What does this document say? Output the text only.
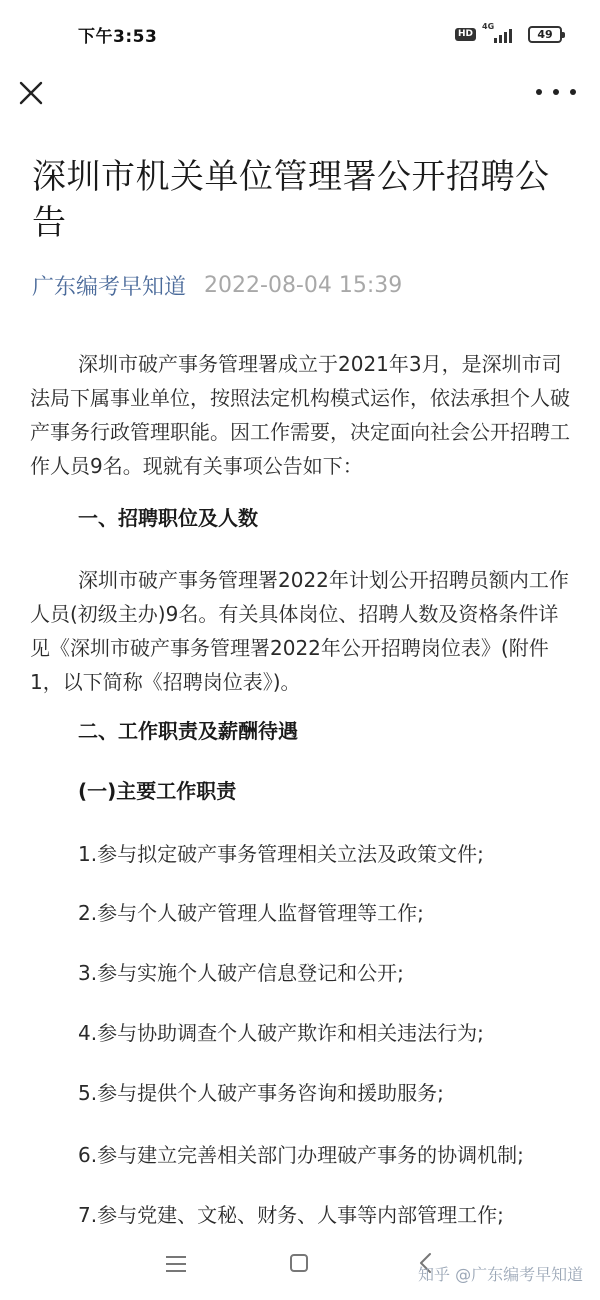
下午3:53	HD
4G
49
深圳市机关单位管理署公开招聘公告
广东编考早知道 2022-08-04 15:39

深圳市破产事务管理署成立于2021年3月，是深圳市司法局下属事业单位，按照法定机构模式运作，依法承担个人破产事务行政管理职能。因工作需要，决定面向社会公开招聘工作人员9名。现就有关事项公告如下：

一、招聘职位及人数

深圳市破产事务管理署2022年计划公开招聘员额内工作人员(初级主办)9名。有关具体岗位、招聘人数及资格条件详见《深圳市破产事务管理署2022年公开招聘岗位表》(附件1，以下简称《招聘岗位表》)。

二、工作职责及薪酬待遇
(一)主要工作职责
1.参与拟定破产事务管理相关立法及政策文件;
2.参与个人破产管理人监督管理等工作;
3.参与实施个人破产信息登记和公开;
4.参与协助调查个人破产欺诈和相关违法行为;
5.参与提供个人破产事务咨询和援助服务;
6.参与建立完善相关部门办理破产事务的协调机制;
7.参与党建、文秘、财务、人事等内部管理工作;
知乎 @广东编考早知道
